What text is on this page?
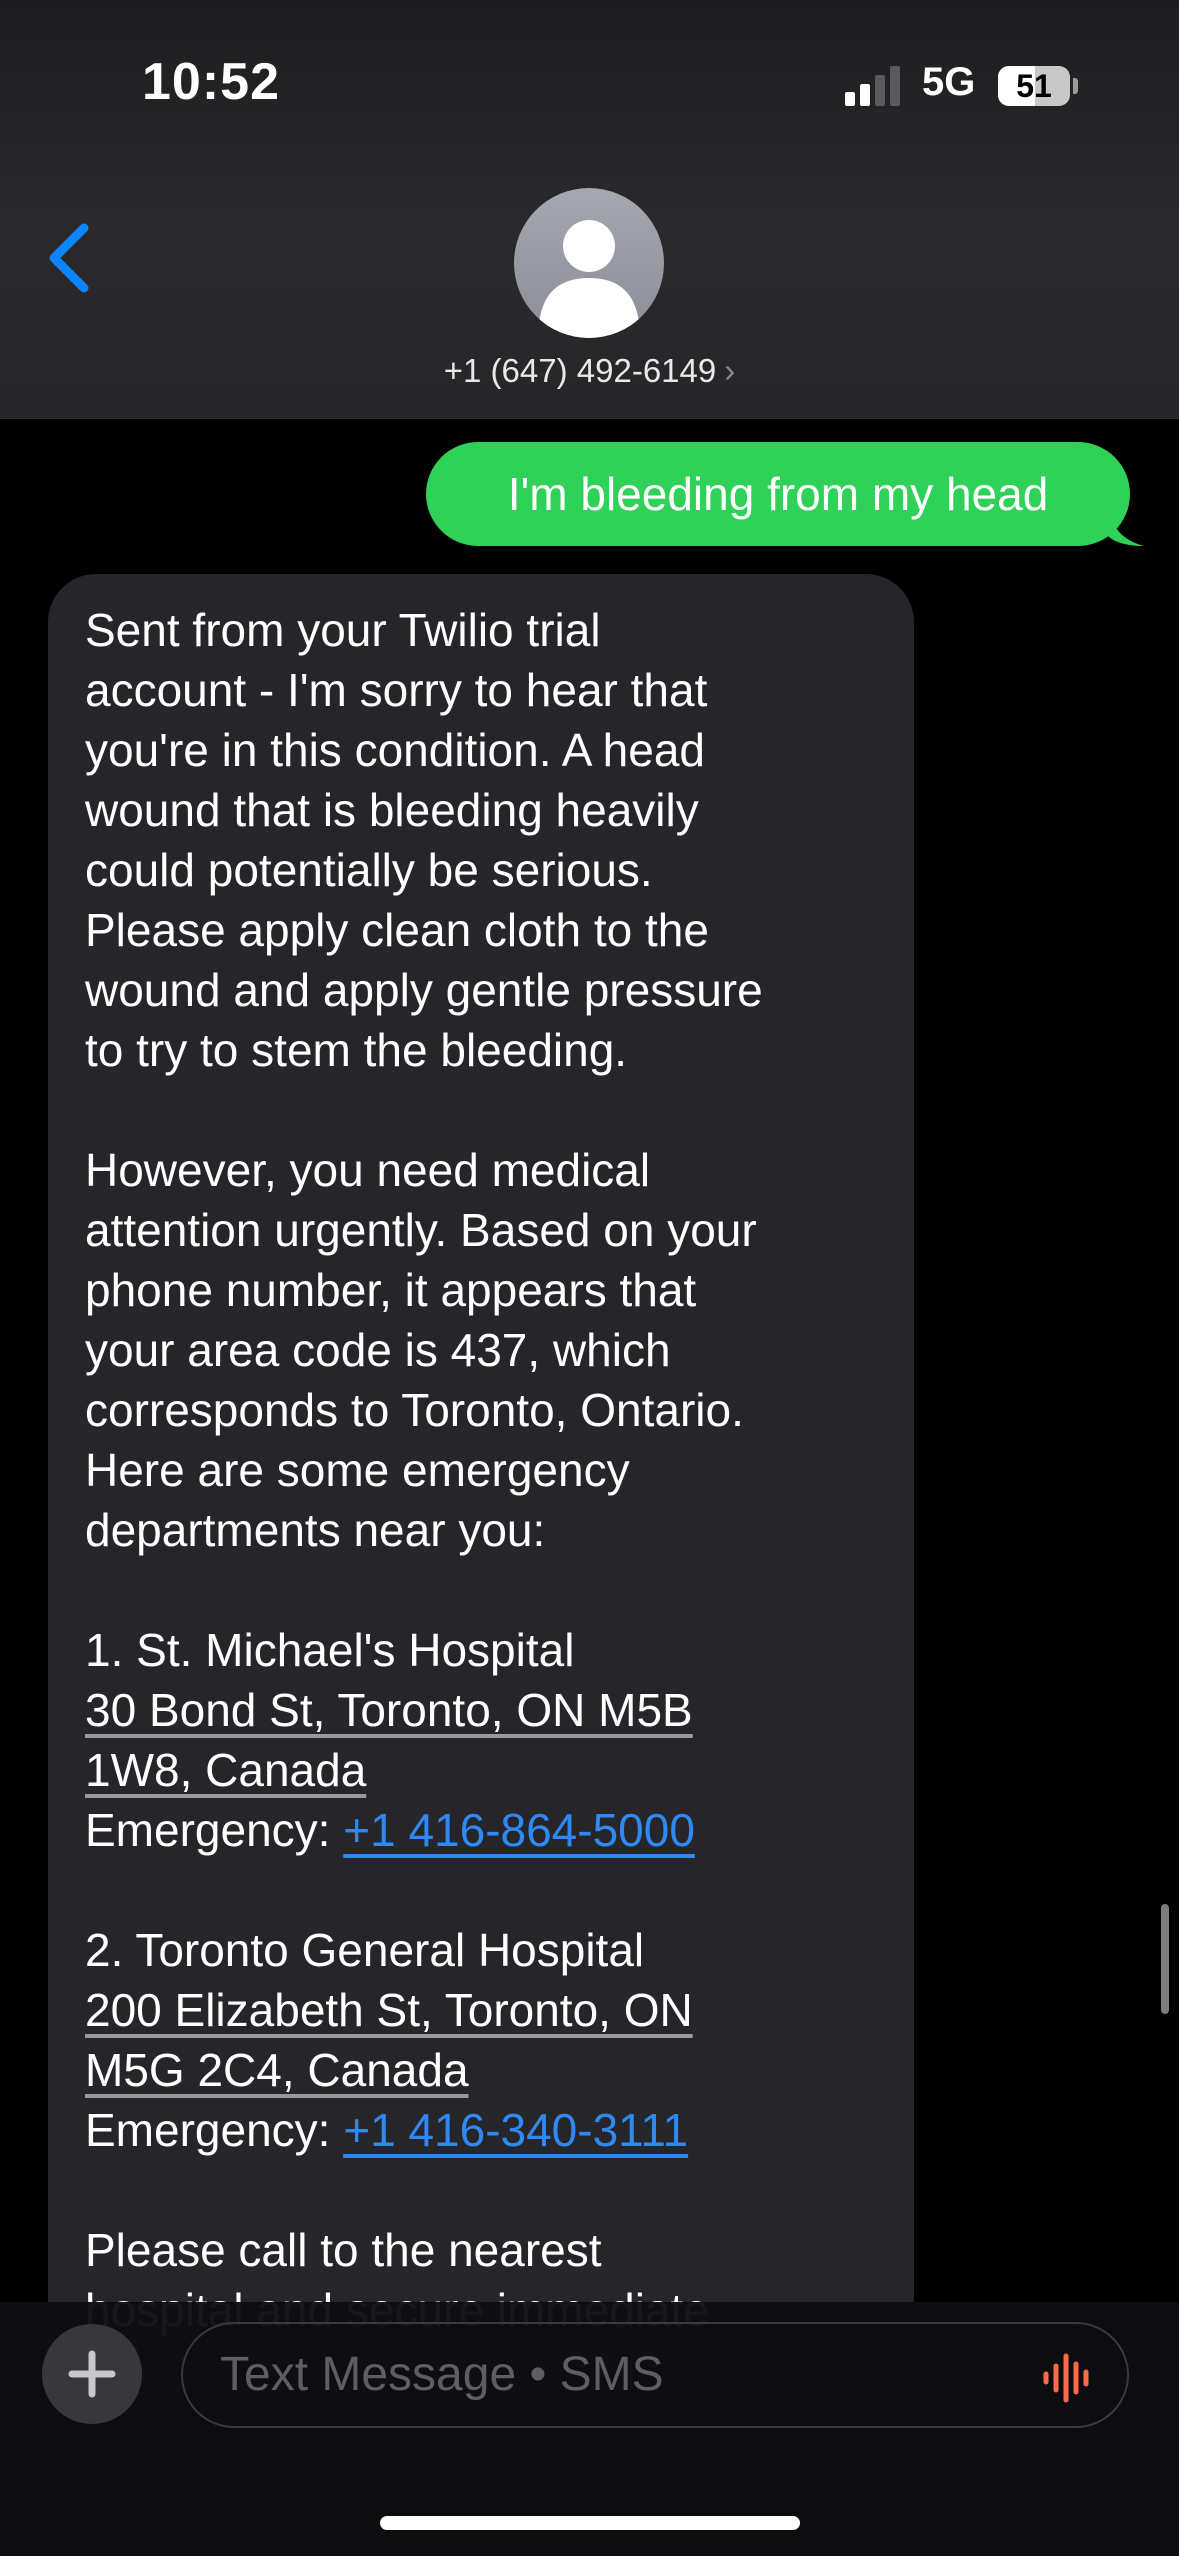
10:52	5G	51
+1 (647) 492-6149 ›
I'm bleeding from my head
Sent from your Twilio trial
account - I'm sorry to hear that
you're in this condition. A head
wound that is bleeding heavily
could potentially be serious.
Please apply clean cloth to the
wound and apply gentle pressure
to try to stem the bleeding.
However, you need medical
attention urgently. Based on your
phone number, it appears that
your area code is 437, which
corresponds to Toronto, Ontario.
Here are some emergency
departments near you:
1. St. Michael's Hospital
30 Bond St, Toronto, ON M5B
1W8, Canada
Emergency: +1 416-864-5000
2. Toronto General Hospital
200 Elizabeth St, Toronto, ON
M5G 2C4, Canada
Emergency: +1 416-340-3111
Please call to the nearest
Text Message • SMS
